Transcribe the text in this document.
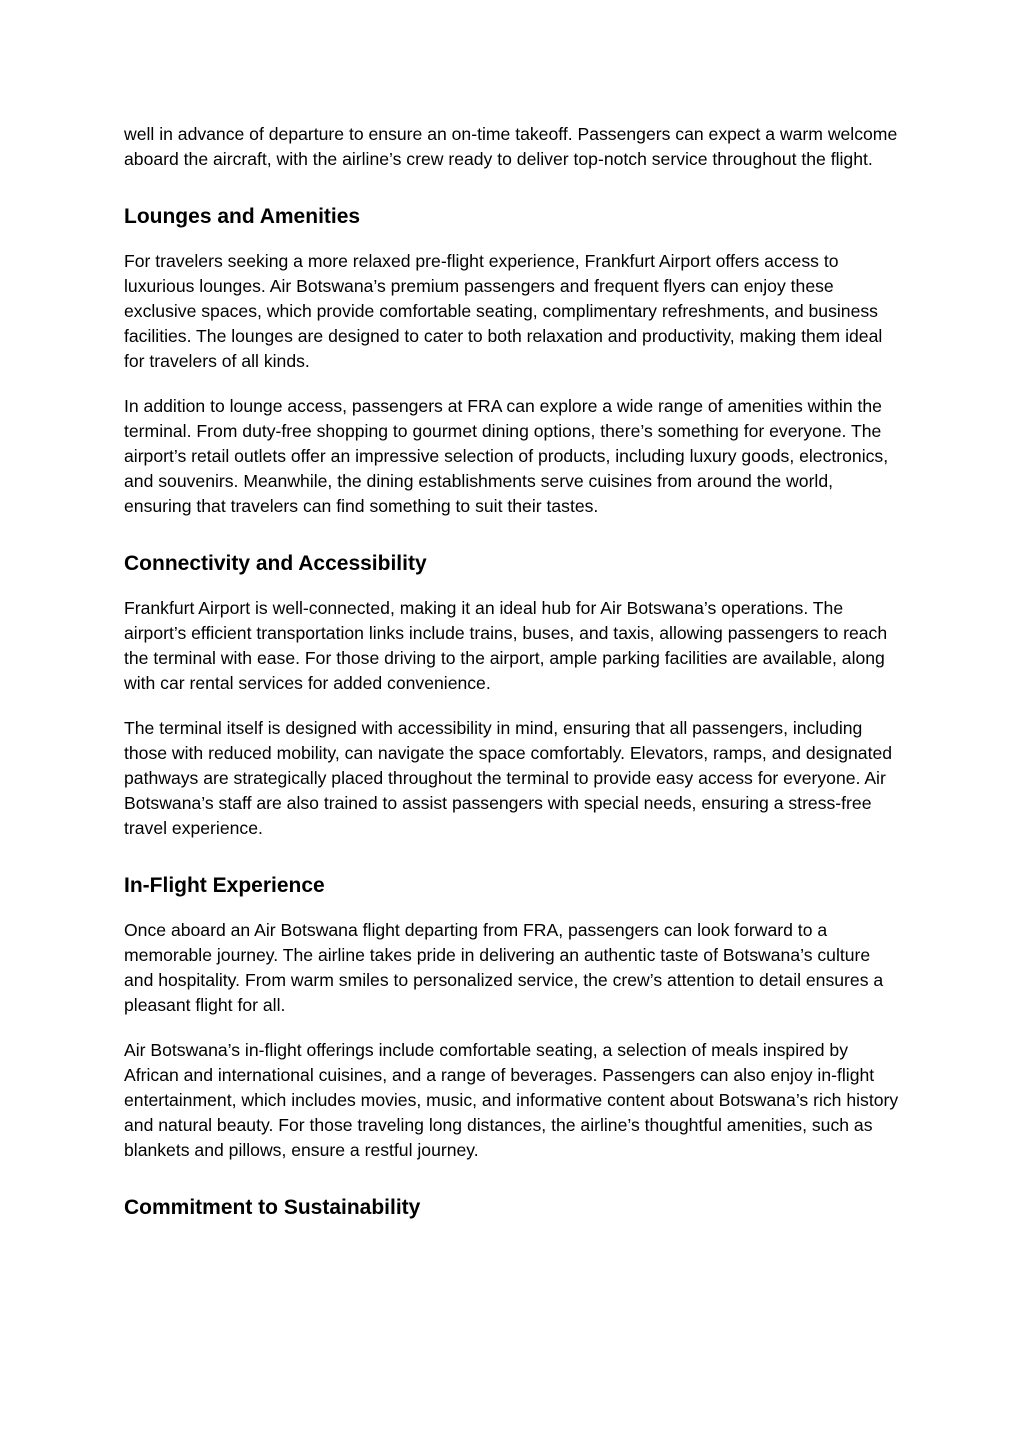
well in advance of departure to ensure an on-time takeoff. Passengers can expect a warm welcome aboard the aircraft, with the airline’s crew ready to deliver top-notch service throughout the flight.

Lounges and Amenities

For travelers seeking a more relaxed pre-flight experience, Frankfurt Airport offers access to luxurious lounges. Air Botswana’s premium passengers and frequent flyers can enjoy these exclusive spaces, which provide comfortable seating, complimentary refreshments, and business facilities. The lounges are designed to cater to both relaxation and productivity, making them ideal for travelers of all kinds.

In addition to lounge access, passengers at FRA can explore a wide range of amenities within the terminal. From duty-free shopping to gourmet dining options, there’s something for everyone. The airport’s retail outlets offer an impressive selection of products, including luxury goods, electronics, and souvenirs. Meanwhile, the dining establishments serve cuisines from around the world, ensuring that travelers can find something to suit their tastes.

Connectivity and Accessibility

Frankfurt Airport is well-connected, making it an ideal hub for Air Botswana’s operations. The airport’s efficient transportation links include trains, buses, and taxis, allowing passengers to reach the terminal with ease. For those driving to the airport, ample parking facilities are available, along with car rental services for added convenience.

The terminal itself is designed with accessibility in mind, ensuring that all passengers, including those with reduced mobility, can navigate the space comfortably. Elevators, ramps, and designated pathways are strategically placed throughout the terminal to provide easy access for everyone. Air Botswana’s staff are also trained to assist passengers with special needs, ensuring a stress-free travel experience.

In-Flight Experience

Once aboard an Air Botswana flight departing from FRA, passengers can look forward to a memorable journey. The airline takes pride in delivering an authentic taste of Botswana’s culture and hospitality. From warm smiles to personalized service, the crew’s attention to detail ensures a pleasant flight for all.

Air Botswana’s in-flight offerings include comfortable seating, a selection of meals inspired by African and international cuisines, and a range of beverages. Passengers can also enjoy in-flight entertainment, which includes movies, music, and informative content about Botswana’s rich history and natural beauty. For those traveling long distances, the airline’s thoughtful amenities, such as blankets and pillows, ensure a restful journey.

Commitment to Sustainability
